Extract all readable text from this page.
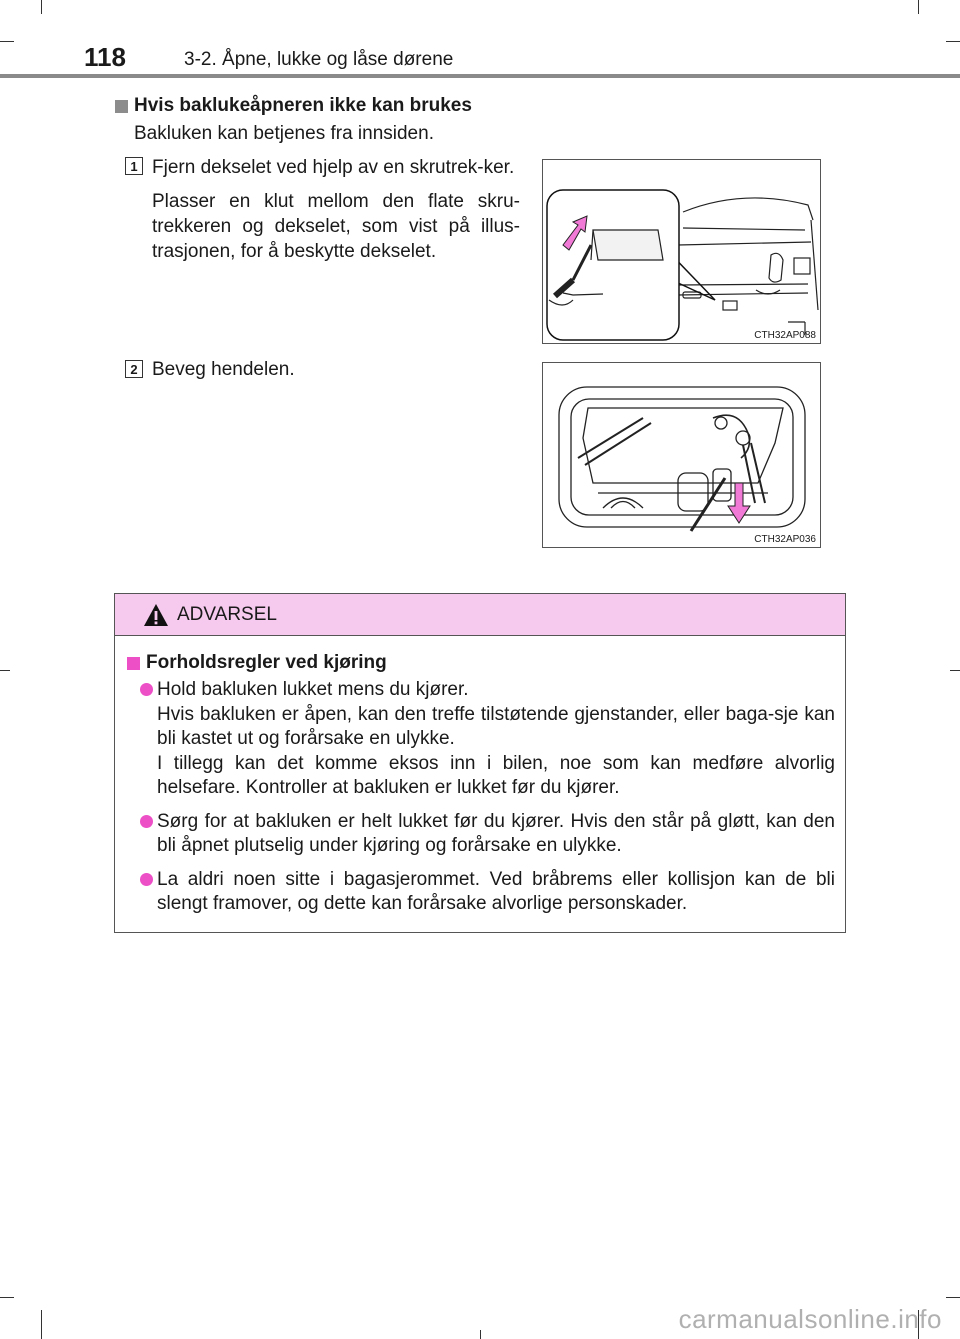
118	3-2. Åpne, lukke og låse dørene
Hvis baklukeåpneren ikke kan brukes
Bakluken kan betjenes fra innsiden.
1 Fjern dekselet ved hjelp av en skrutrek-ker.

Plasser en klut mellom den flate skru-trekkeren og dekselet, som vist på illus-trasjonen, for å beskytte dekselet.

CTH32AP088
2 Beveg hendelen.

CTH32AP036
ADVARSEL
Forholdsregler ved kjøring
Hold bakluken lukket mens du kjører.
Hvis bakluken er åpen, kan den treffe tilstøtende gjenstander, eller baga-sje kan bli kastet ut og forårsake en ulykke.
I tillegg kan det komme eksos inn i bilen, noe som kan medføre alvorlig helsefare. Kontroller at bakluken er lukket før du kjører.
Sørg for at bakluken er helt lukket før du kjører. Hvis den står på gløtt, kan den bli åpnet plutselig under kjøring og forårsake en ulykke.
La aldri noen sitte i bagasjerommet. Ved bråbrems eller kollisjon kan de bli slengt framover, og dette kan forårsake alvorlige personskader.
carmanualsonline.info
